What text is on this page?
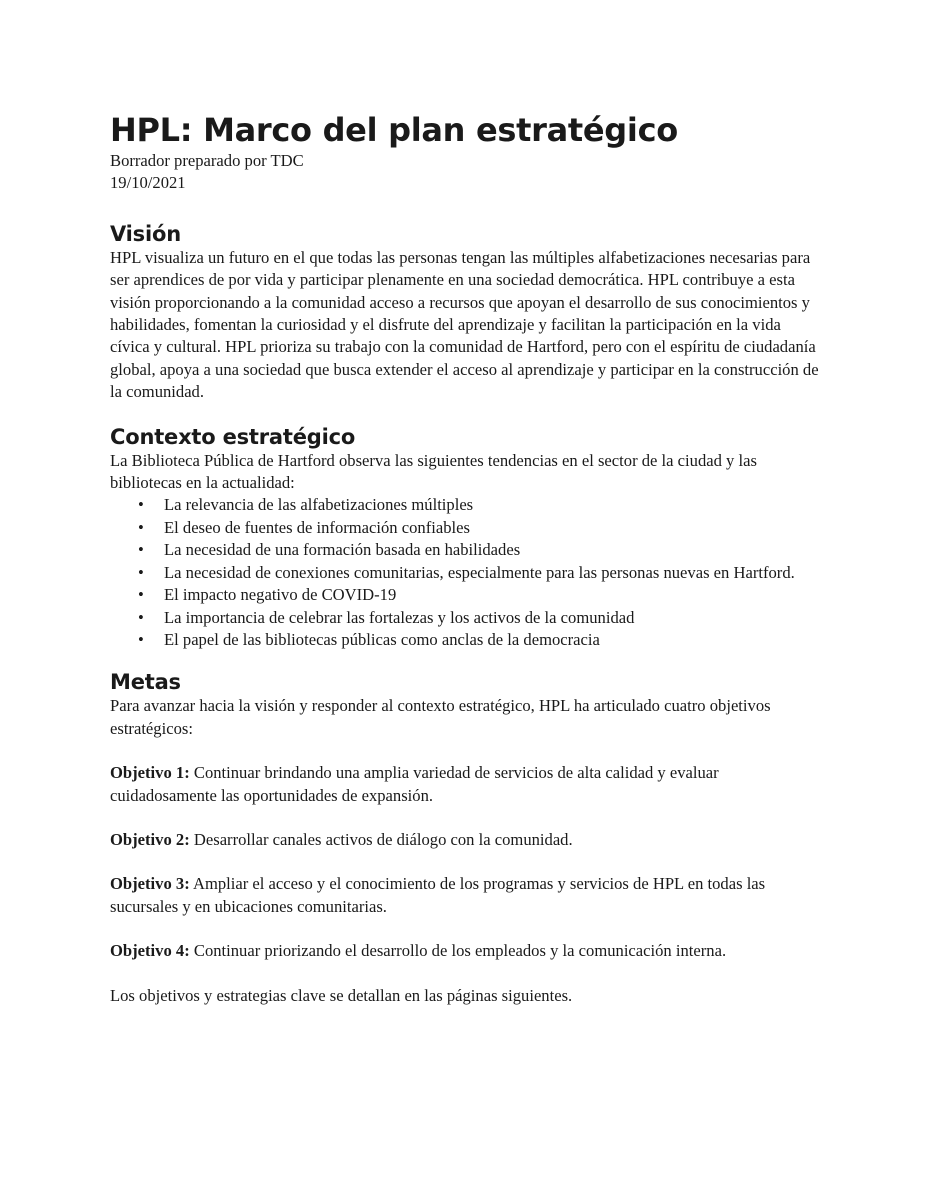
HPL: Marco del plan estratégico

Borrador preparado por TDC

19/10/2021

Visión

HPL visualiza un futuro en el que todas las personas tengan las múltiples alfabetizaciones necesarias para ser aprendices de por vida y participar plenamente en una sociedad democrática. HPL contribuye a esta visión proporcionando a la comunidad acceso a recursos que apoyan el desarrollo de sus conocimientos y habilidades, fomentan la curiosidad y el disfrute del aprendizaje y facilitan la participación en la vida cívica y cultural. HPL prioriza su trabajo con la comunidad de Hartford, pero con el espíritu de ciudadanía global, apoya a una sociedad que busca extender el acceso al aprendizaje y participar en la construcción de la comunidad.

Contexto estratégico

La Biblioteca Pública de Hartford observa las siguientes tendencias en el sector de la ciudad y las bibliotecas en la actualidad:

• La relevancia de las alfabetizaciones múltiples
• El deseo de fuentes de información confiables
• La necesidad de una formación basada en habilidades
• La necesidad de conexiones comunitarias, especialmente para las personas nuevas en Hartford.
• El impacto negativo de COVID-19
• La importancia de celebrar las fortalezas y los activos de la comunidad
• El papel de las bibliotecas públicas como anclas de la democracia
Metas

Para avanzar hacia la visión y responder al contexto estratégico, HPL ha articulado cuatro objetivos estratégicos:

Objetivo 1: Continuar brindando una amplia variedad de servicios de alta calidad y evaluar cuidadosamente las oportunidades de expansión.

Objetivo 2: Desarrollar canales activos de diálogo con la comunidad.

Objetivo 3: Ampliar el acceso y el conocimiento de los programas y servicios de HPL en todas las sucursales y en ubicaciones comunitarias.

Objetivo 4: Continuar priorizando el desarrollo de los empleados y la comunicación interna.

Los objetivos y estrategias clave se detallan en las páginas siguientes.
